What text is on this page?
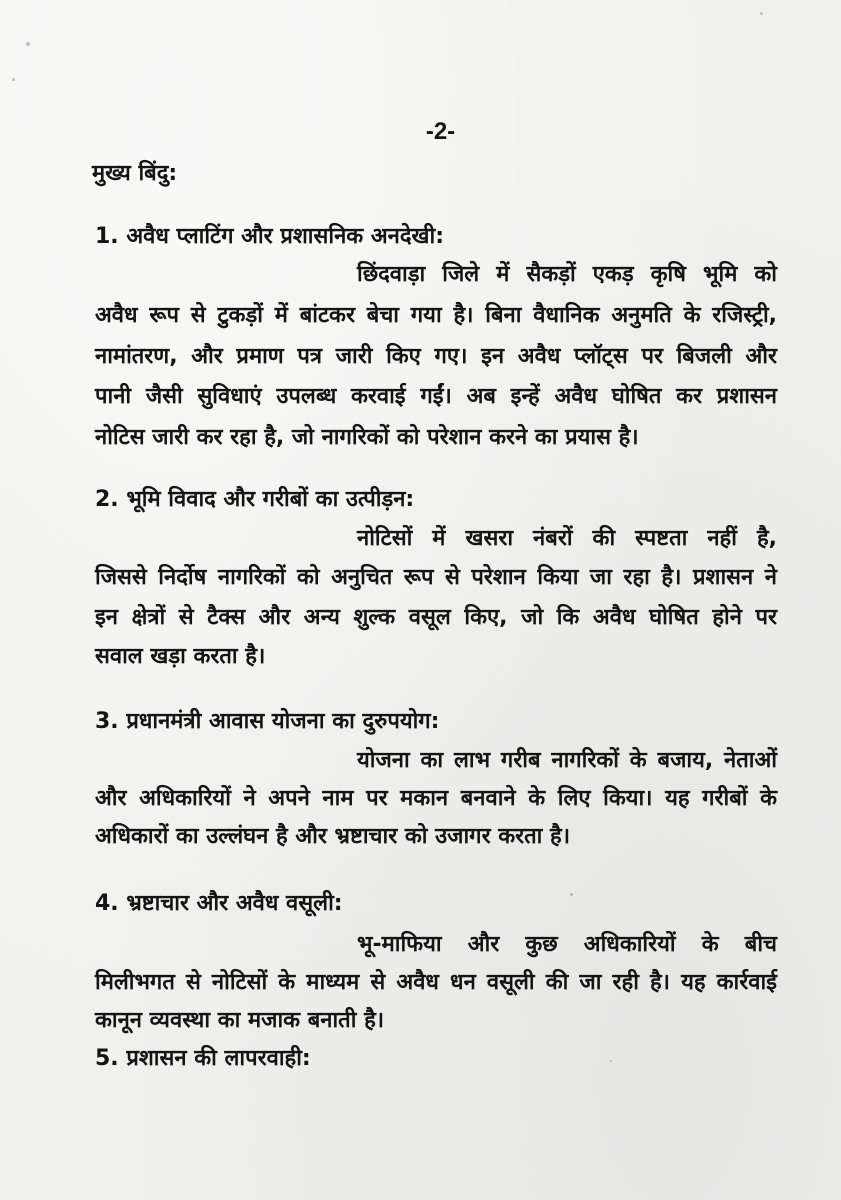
-2-
मुख्य बिंदु:
1. अवैध प्लाटिंग और प्रशासनिक अनदेखी:
छिंदवाड़ा जिले में सैकड़ों एकड़ कृषि भूमि को
अवैध रूप से टुकड़ों में बांटकर बेचा गया है। बिना वैधानिक अनुमति के रजिस्ट्री,
नामांतरण, और प्रमाण पत्र जारी किए गए। इन अवैध प्लॉट्स पर बिजली और
पानी जैसी सुविधाएं उपलब्ध करवाई गईं। अब इन्हें अवैध घोषित कर प्रशासन
नोटिस जारी कर रहा है, जो नागरिकों को परेशान करने का प्रयास है।
2. भूमि विवाद और गरीबों का उत्पीड़न:
नोटिसों में खसरा नंबरों की स्पष्टता नहीं है,
जिससे निर्दोष नागरिकों को अनुचित रूप से परेशान किया जा रहा है। प्रशासन ने
इन क्षेत्रों से टैक्स और अन्य शुल्क वसूल किए, जो कि अवैध घोषित होने पर
सवाल खड़ा करता है।
3. प्रधानमंत्री आवास योजना का दुरुपयोग:
योजना का लाभ गरीब नागरिकों के बजाय, नेताओं
और अधिकारियों ने अपने नाम पर मकान बनवाने के लिए किया। यह गरीबों के
अधिकारों का उल्लंघन है और भ्रष्टाचार को उजागर करता है।
4. भ्रष्टाचार और अवैध वसूली:
भू-माफिया और कुछ अधिकारियों के बीच
मिलीभगत से नोटिसों के माध्यम से अवैध धन वसूली की जा रही है। यह कार्रवाई
कानून व्यवस्था का मजाक बनाती है।
5. प्रशासन की लापरवाही:
